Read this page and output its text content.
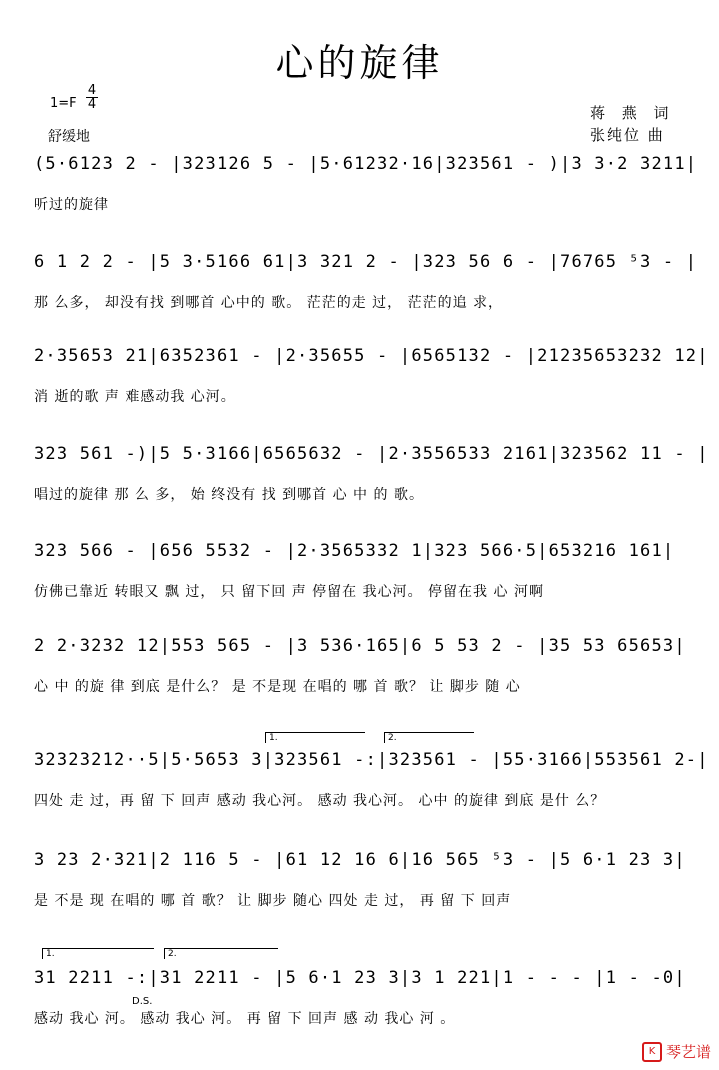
心的旋律
1=F
4
4
舒缓地
蒋 燕 词
张纯位 曲
(5·6123 2 - |323126 5 - |5·61232·16|323561 - )|3 3·2 3211|
听过的旋律
6 1 2 2 - |5 3·5166 61|3 321 2 - |323 56 6 - |76765 ⁵3 - |
那 么多， 却没有找 到哪首 心中的 歌。 茫茫的走 过， 茫茫的追 求，
2·35653 21|6352361 - |2·35655 - |6565132 - |21235653232 12|
消 逝的歌 声 难感动我 心河。
323 561 -)|5 5·3166|6565632 - |2·3556533 2161|323562 11 - |
唱过的旋律 那 么 多， 始 终没有 找 到哪首 心 中 的 歌。
323 566 - |656 5532 - |2·3565332 1|323 566·5|653216 161|
仿佛已靠近 转眼又 飘 过， 只 留下回 声 停留在 我心河。 停留在我 心 河啊
2 2·3232 12|553 565 - |3 536·165|6 5 53 2 - |35 53 65653|
心 中 的旋 律 到底 是什么？ 是 不是现 在唱的 哪 首 歌？ 让 脚步 随 心
1.	2.
32323212··5|5·5653 3|323561 -:|323561 - |55·3166|553561 2-|
四处 走 过，再 留 下 回声 感动 我心河。 感动 我心河。 心中 的旋律 到底 是什 么？
3 23 2·321|2 116 5 - |61 12 16 6|16 565 ⁵3 - |5 6·1 23 3|
是 不是 现 在唱的 哪 首 歌？ 让 脚步 随心 四处 走 过， 再 留 下 回声
1.	2.
31 2211 -:|31 2211 - |5 6·1 23 3|3 1 221|1 - - - |1 - -0|
感动 我心 河。 感动 我心 河。 再 留 下 回声 感 动 我心 河 。
D.S.
K 琴艺谱
